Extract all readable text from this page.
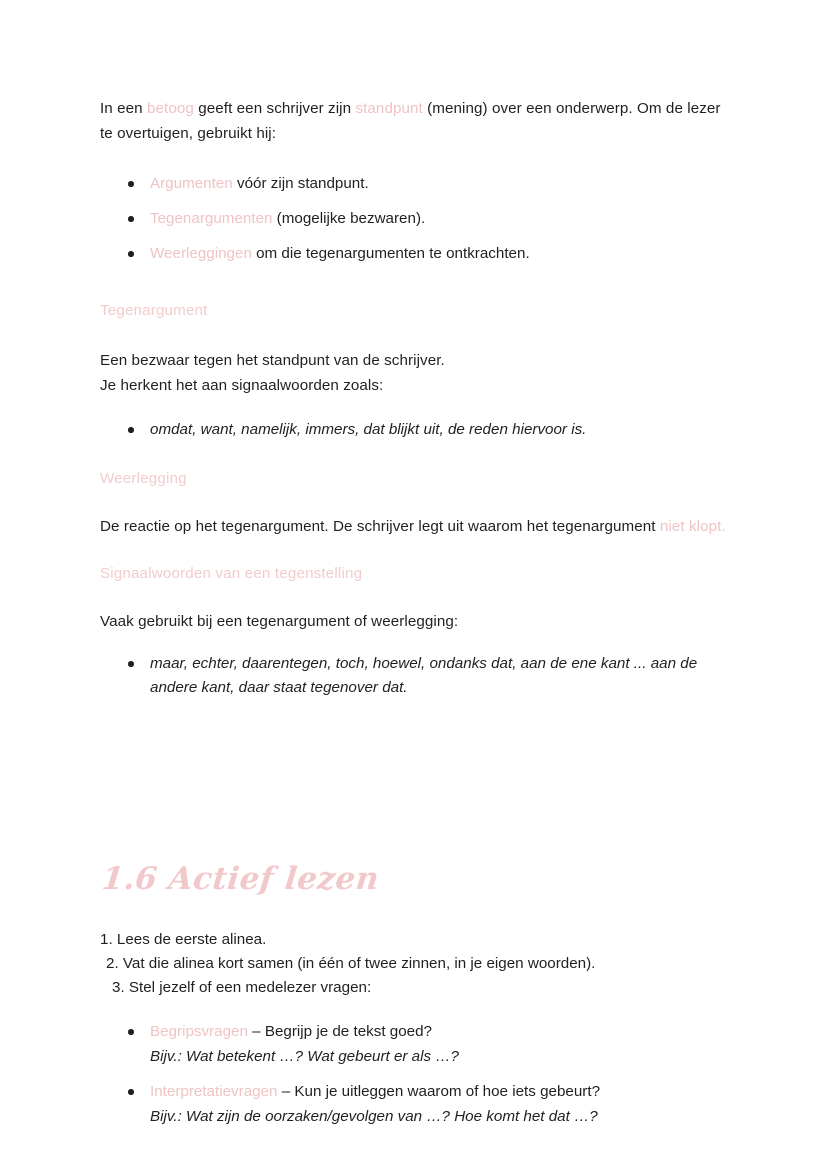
In een betoog geeft een schrijver zijn standpunt (mening) over een onderwerp. Om de lezer
te overtuigen, gebruikt hij:

Argumenten vóór zijn standpunt.
Tegenargumenten (mogelijke bezwaren).
Weerleggingen om die tegenargumenten te ontkrachten.

Tegenargument

Een bezwaar tegen het standpunt van de schrijver.
Je herkent het aan signaalwoorden zoals:

omdat, want, namelijk, immers, dat blijkt uit, de reden hiervoor is.

Weerlegging

De reactie op het tegenargument. De schrijver legt uit waarom het tegenargument niet klopt.

Signaalwoorden van een tegenstelling

Vaak gebruikt bij een tegenargument of weerlegging:

maar, echter, daarentegen, toch, hoewel, ondanks dat, aan de ene kant ... aan de andere kant, daar staat tegenover dat.

1.6 Actief lezen

1. Lees de eerste alinea.
2. Vat die alinea kort samen (in één of twee zinnen, in je eigen woorden).
3. Stel jezelf of een medelezer vragen:
Begripsvragen – Begrijp je de tekst goed?
Bijv.: Wat betekent …? Wat gebeurt er als …?
Interpretatievragen – Kun je uitleggen waarom of hoe iets gebeurt?
Bijv.: Wat zijn de oorzaken/gevolgen van …? Hoe komt het dat …?
